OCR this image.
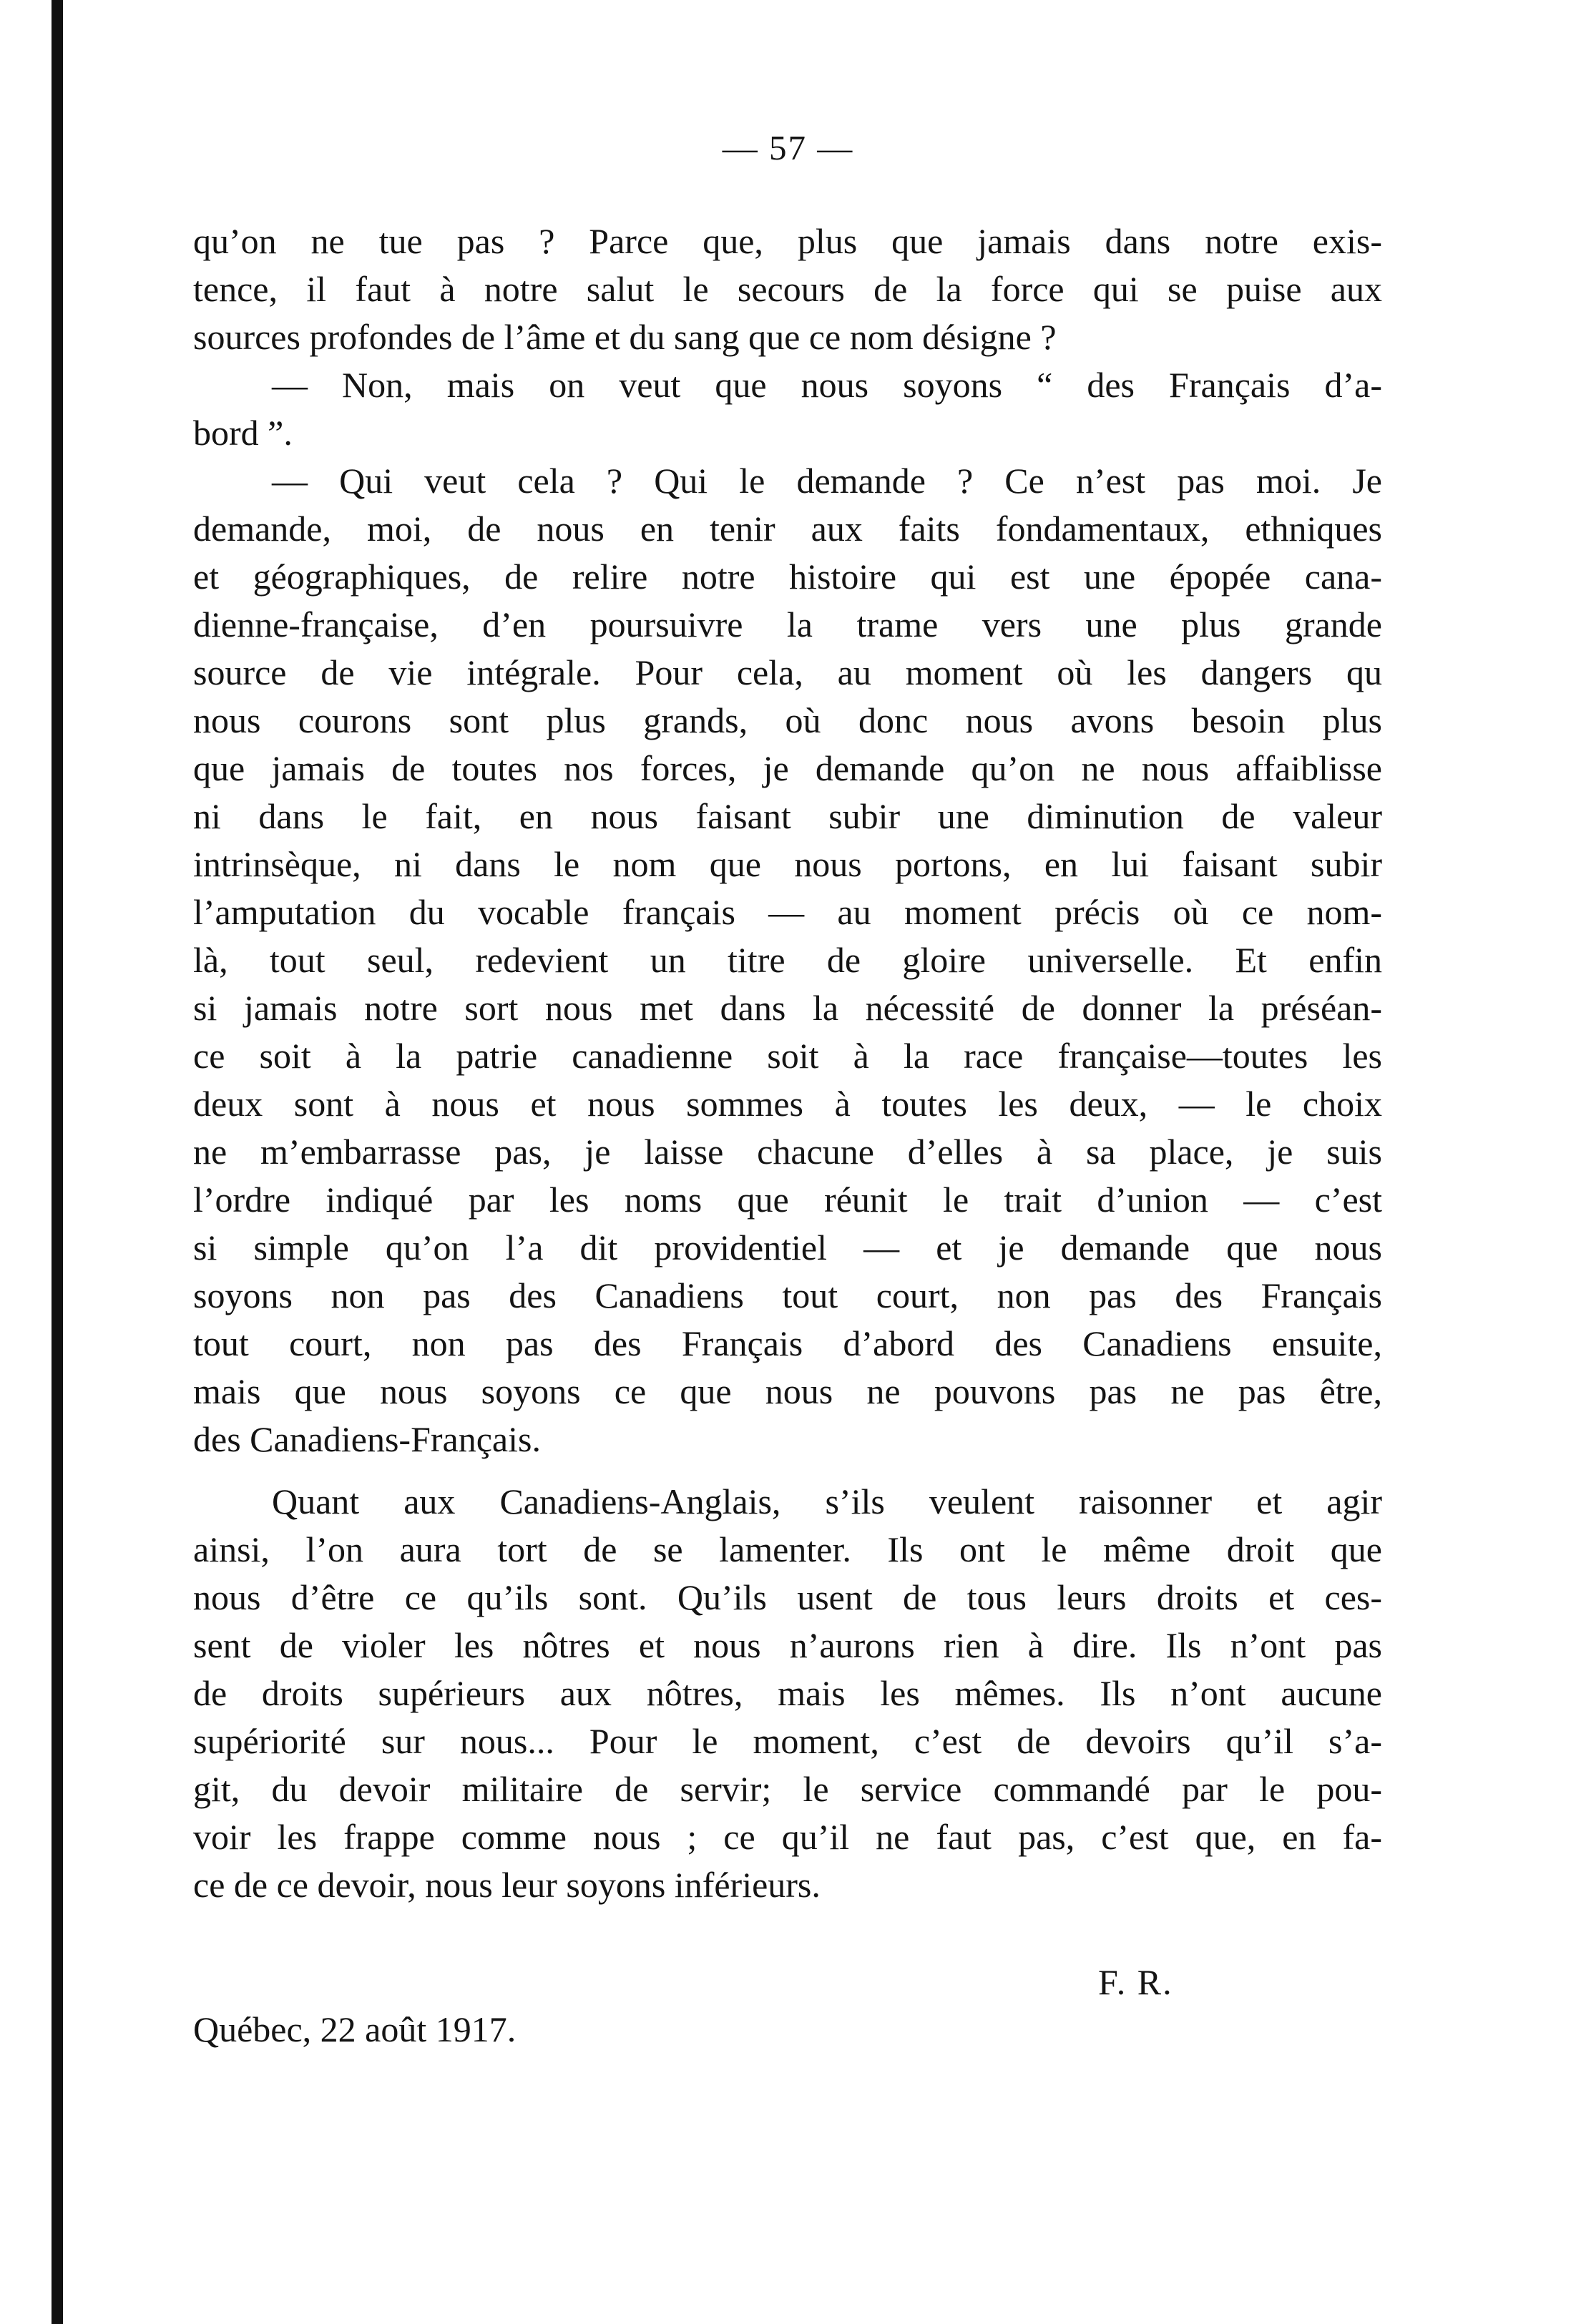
— 57 —
qu’on ne tue pas ? Parce que, plus que jamais dans notre exis-
tence, il faut à notre salut le secours de la force qui se puise aux
sources profondes de l’âme et du sang que ce nom désigne ?
— Non, mais on veut que nous soyons “ des Français d’a-
bord ”.
— Qui veut cela ? Qui le demande ? Ce n’est pas moi. Je
demande, moi, de nous en tenir aux faits fondamentaux, ethniques
et géographiques, de relire notre histoire qui est une épopée cana-
dienne-française, d’en poursuivre la trame vers une plus grande
source de vie intégrale. Pour cela, au moment où les dangers qu
nous courons sont plus grands, où donc nous avons besoin plus
que jamais de toutes nos forces, je demande qu’on ne nous affaiblisse
ni dans le fait, en nous faisant subir une diminution de valeur
intrinsèque, ni dans le nom que nous portons, en lui faisant subir
l’amputation du vocable français — au moment précis où ce nom-
là, tout seul, redevient un titre de gloire universelle. Et enfin
si jamais notre sort nous met dans la nécessité de donner la préséan-
ce soit à la patrie canadienne soit à la race française—toutes les
deux sont à nous et nous sommes à toutes les deux, — le choix
ne m’embarrasse pas, je laisse chacune d’elles à sa place, je suis
l’ordre indiqué par les noms que réunit le trait d’union — c’est
si simple qu’on l’a dit providentiel — et je demande que nous
soyons non pas des Canadiens tout court, non pas des Français
tout court, non pas des Français d’abord des Canadiens ensuite,
mais que nous soyons ce que nous ne pouvons pas ne pas être,
des Canadiens-Français.
Quant aux Canadiens-Anglais, s’ils veulent raisonner et agir
ainsi, l’on aura tort de se lamenter. Ils ont le même droit que
nous d’être ce qu’ils sont. Qu’ils usent de tous leurs droits et ces-
sent de violer les nôtres et nous n’aurons rien à dire. Ils n’ont pas
de droits supérieurs aux nôtres, mais les mêmes. Ils n’ont aucune
supériorité sur nous... Pour le moment, c’est de devoirs qu’il s’a-
git, du devoir militaire de servir; le service commandé par le pou-
voir les frappe comme nous ; ce qu’il ne faut pas, c’est que, en fa-
ce de ce devoir, nous leur soyons inférieurs.
F. R.
Québec, 22 août 1917.
